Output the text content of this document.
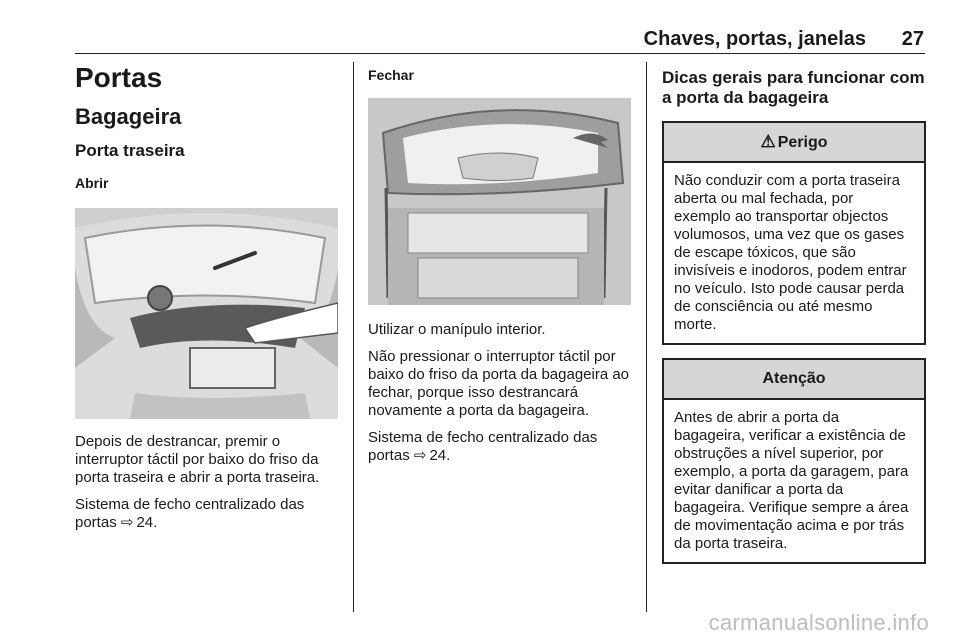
Chaves, portas, janelas	27
Portas
Bagageira
Porta traseira
Abrir

Depois de destrancar, premir o interruptor táctil por baixo do friso da porta traseira e abrir a porta traseira.

Sistema de fecho centralizado das portas ⇨ 24.

Fechar

Utilizar o manípulo interior.

Não pressionar o interruptor táctil por baixo do friso da porta da bagageira ao fechar, porque isso destrancará novamente a porta da bagageira.

Sistema de fecho centralizado das portas ⇨ 24.

Dicas gerais para funcionar com a porta da bagageira
⚠ Perigo
Não conduzir com a porta traseira aberta ou mal fechada, por exemplo ao transportar objectos volumosos, uma vez que os gases de escape tóxicos, que são invisíveis e inodoros, podem entrar no veículo. Isto pode causar perda de consciência ou até mesmo morte.
Atenção
Antes de abrir a porta da bagageira, verificar a existência de obstruções a nível superior, por exemplo, a porta da garagem, para evitar danificar a porta da bagageira. Verifique sempre a área de movimentação acima e por trás da porta traseira.
carmanualsonline.info
